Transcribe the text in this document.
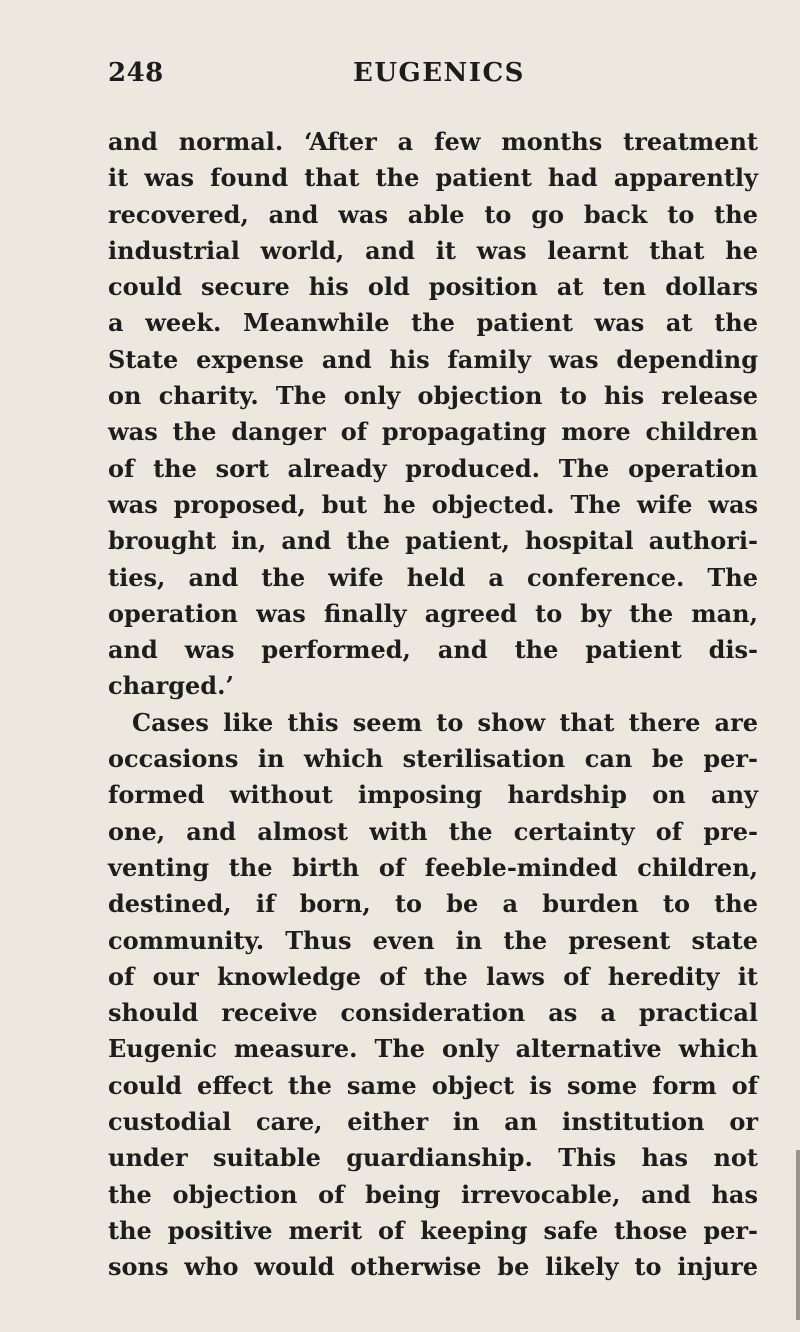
248	EUGENICS
and normal. ‘After a few months treatment
it was found that the patient had apparently
recovered, and was able to go back to the
industrial world, and it was learnt that he
could secure his old position at ten dollars
a week. Meanwhile the patient was at the
State expense and his family was depending
on charity. The only objection to his release
was the danger of propagating more children
of the sort already produced. The operation
was proposed, but he objected. The wife was
brought in, and the patient, hospital authori-
ties, and the wife held a conference. The
operation was finally agreed to by the man,
and was performed, and the patient dis-
charged.’
Cases like this seem to show that there are
occasions in which sterilisation can be per-
formed without imposing hardship on any
one, and almost with the certainty of pre-
venting the birth of feeble-minded children,
destined, if born, to be a burden to the
community. Thus even in the present state
of our knowledge of the laws of heredity it
should receive consideration as a practical
Eugenic measure. The only alternative which
could effect the same object is some form of
custodial care, either in an institution or
under suitable guardianship. This has not
the objection of being irrevocable, and has
the positive merit of keeping safe those per-
sons who would otherwise be likely to injure
